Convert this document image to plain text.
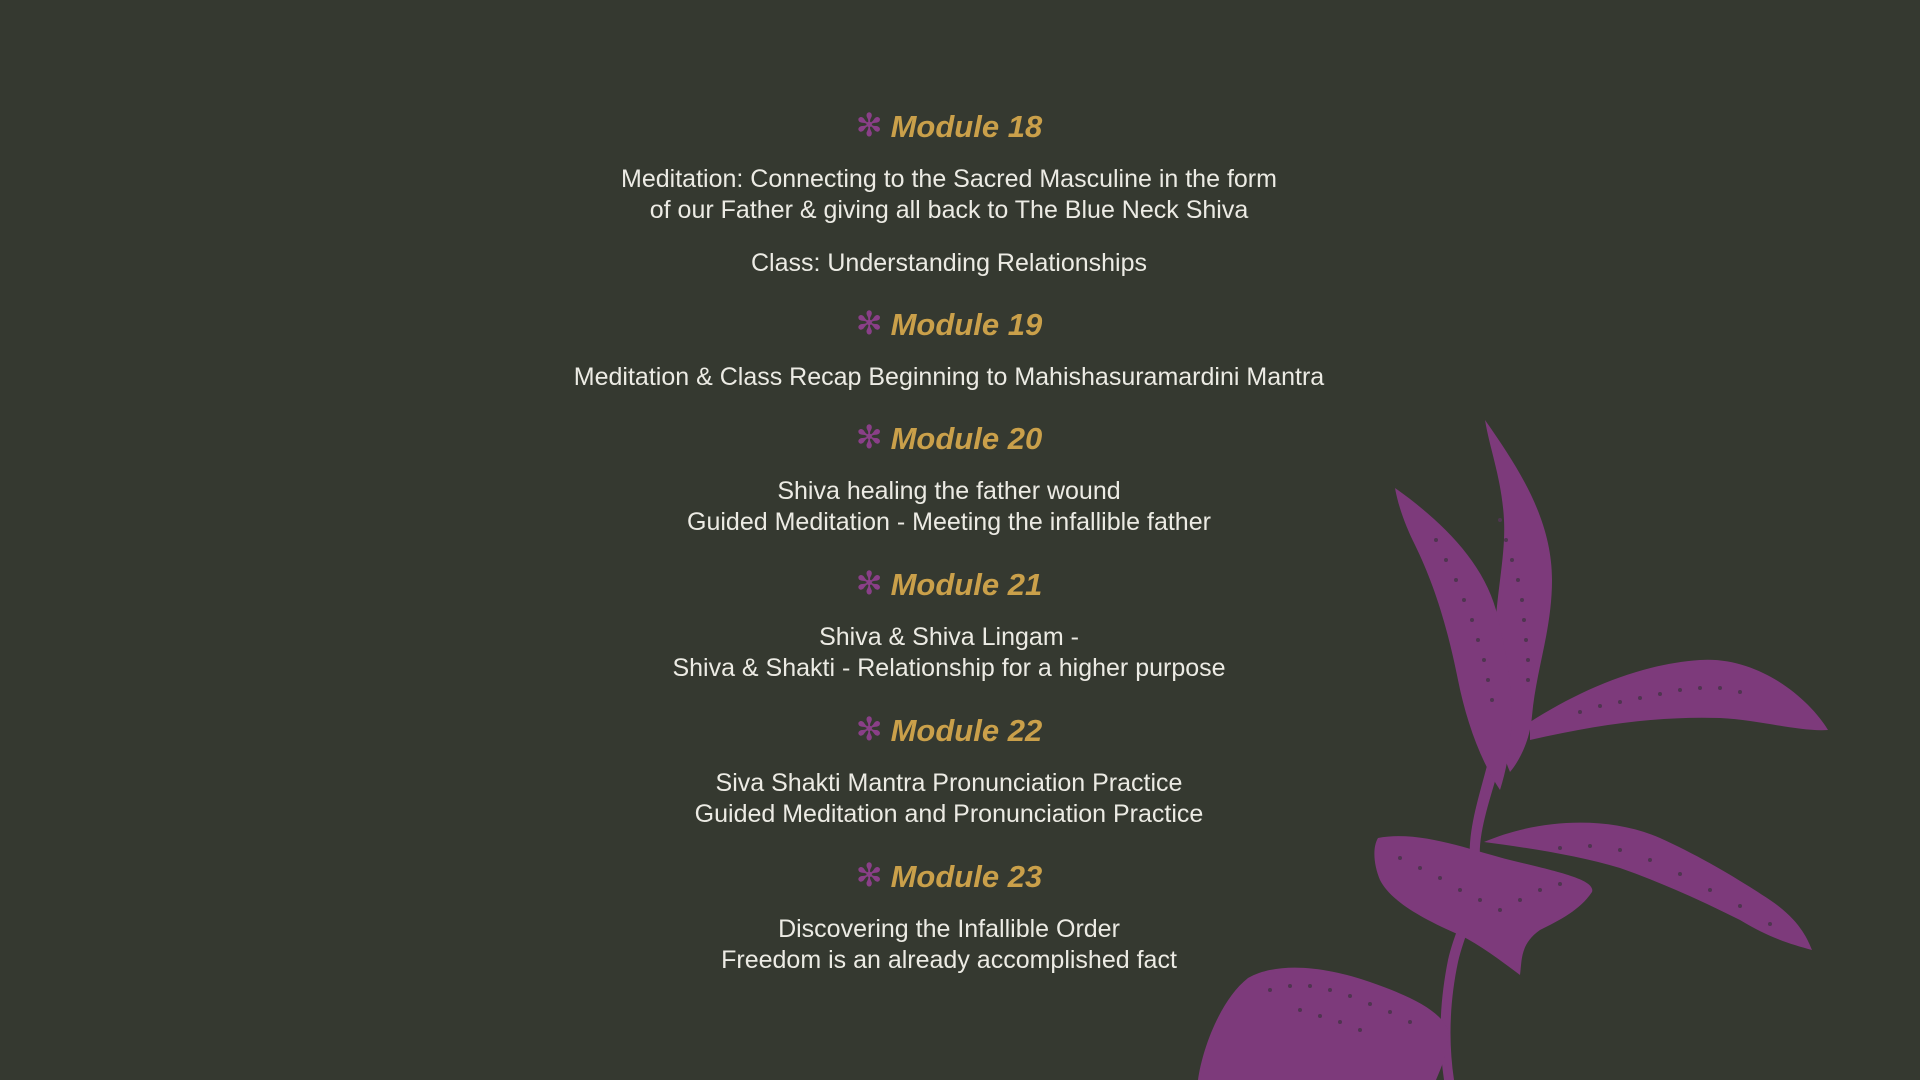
✻ Module 18
Meditation: Connecting to the Sacred Masculine in the form
of our Father & giving all back to The Blue Neck Shiva
Class: Understanding Relationships
✻ Module 19
Meditation & Class Recap Beginning to Mahishasuramardini Mantra
✻ Module 20
Shiva healing the father wound
Guided Meditation - Meeting the infallible father
✻ Module 21
Shiva & Shiva Lingam -
Shiva & Shakti - Relationship for a higher purpose
✻ Module 22
Siva Shakti Mantra Pronunciation Practice
Guided Meditation and Pronunciation Practice
✻ Module 23
Discovering the Infallible Order
Freedom is an already accomplished fact
